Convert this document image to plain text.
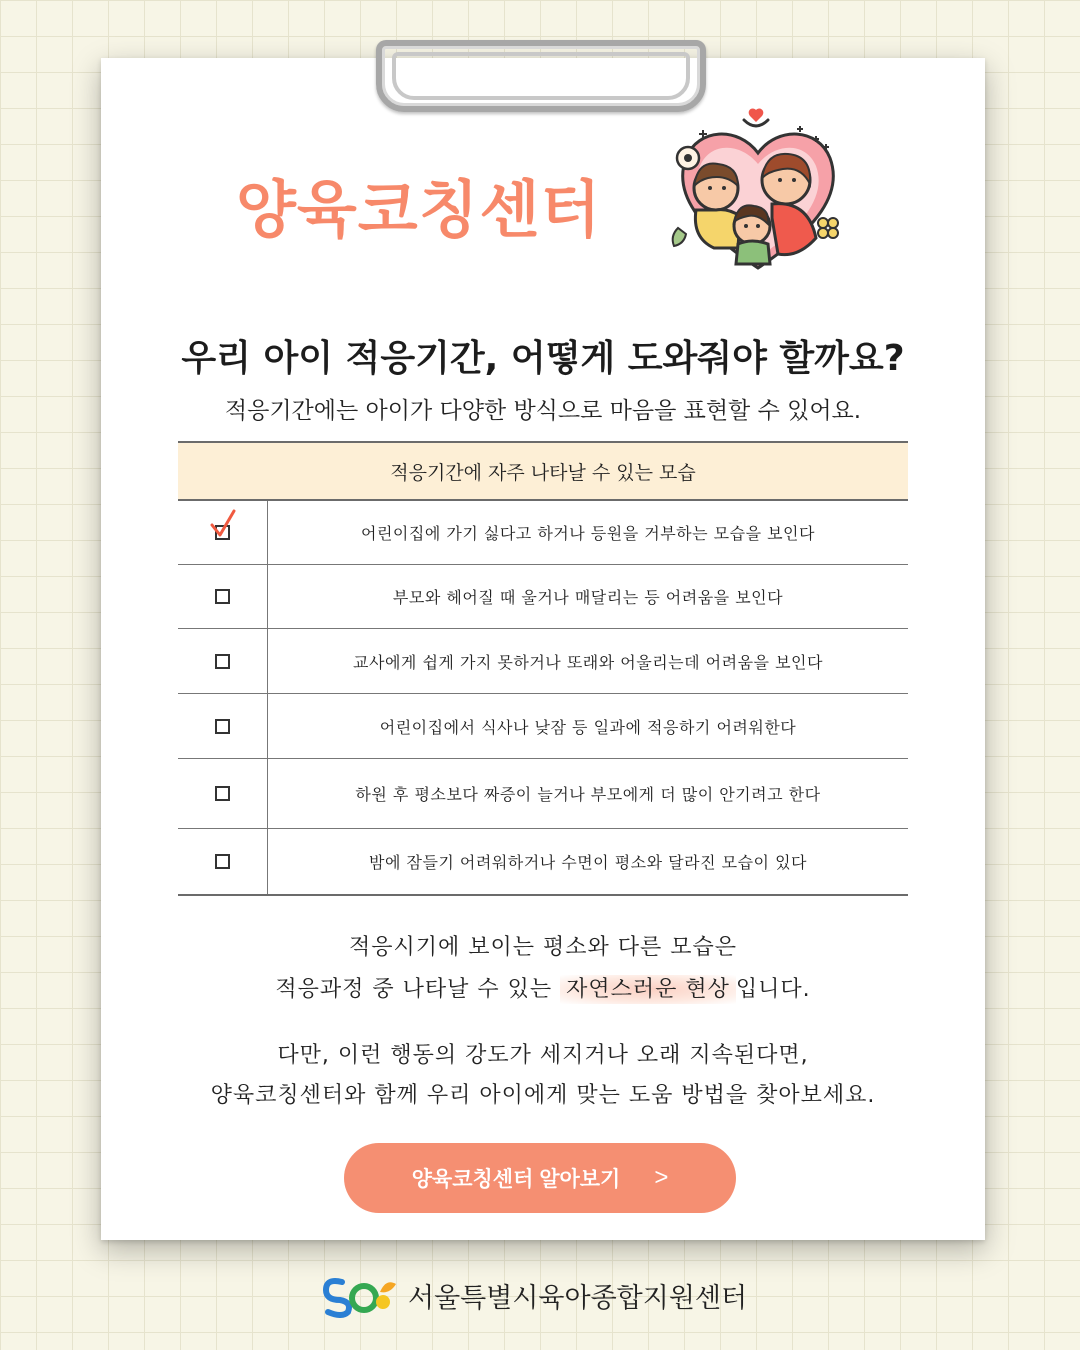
양육코칭센터
우리 아이 적응기간, 어떻게 도와줘야 할까요?
적응기간에는 아이가 다양한 방식으로 마음을 표현할 수 있어요.
적응기간에 자주 나타날 수 있는 모습
어린이집에 가기 싫다고 하거나 등원을 거부하는 모습을 보인다
부모와 헤어질 때 울거나 매달리는 등 어려움을 보인다
교사에게 쉽게 가지 못하거나 또래와 어울리는데 어려움을 보인다
어린이집에서 식사나 낮잠 등 일과에 적응하기 어려워한다
하원 후 평소보다 짜증이 늘거나 부모에게 더 많이 안기려고 한다
밤에 잠들기 어려워하거나 수면이 평소와 달라진 모습이 있다
적응시기에 보이는 평소와 다른 모습은
적응과정 중 나타날 수 있는 자연스러운 현상 입니다.
다만, 이런 행동의 강도가 세지거나 오래 지속된다면,
양육코칭센터와 함께 우리 아이에게 맞는 도움 방법을 찾아보세요.
양육코칭센터 알아보기 >
서울특별시육아종합지원센터
